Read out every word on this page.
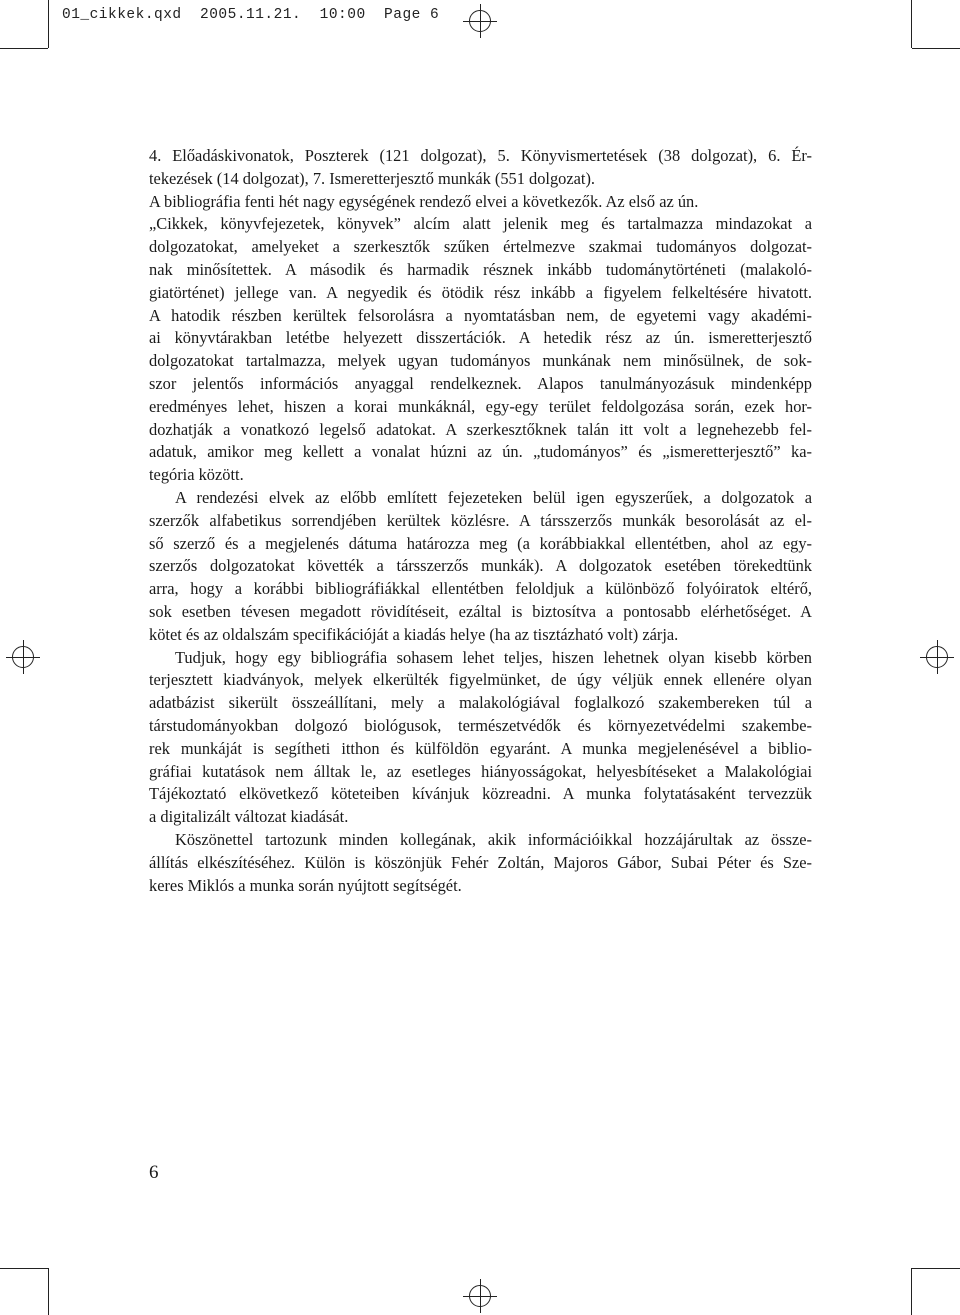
01_cikkek.qxd  2005.11.21.  10:00  Page 6
4. Előadáskivonatok, Poszterek (121 dolgozat), 5. Könyvismertetések (38 dolgozat), 6. Ér-
tekezések (14 dolgozat), 7. Ismeretterjesztő munkák (551 dolgozat).
A bibliográfia fenti hét nagy egységének rendező elvei a következők. Az első az ún.
„Cikkek, könyvfejezetek, könyvek” alcím alatt jelenik meg és tartalmazza mindazokat a
dolgozatokat, amelyeket a szerkesztők szűken értelmezve szakmai tudományos dolgozat-
nak minősítettek. A második és harmadik résznek inkább tudománytörténeti (malakoló-
giatörténet) jellege van. A negyedik és ötödik rész inkább a figyelem felkeltésére hivatott.
A hatodik részben kerültek felsorolásra a nyomtatásban nem, de egyetemi vagy akadémi-
ai könyvtárakban letétbe helyezett disszertációk. A hetedik rész az ún. ismeretterjesztő
dolgozatokat tartalmazza, melyek ugyan tudományos munkának nem minősülnek, de sok-
szor jelentős információs anyaggal rendelkeznek. Alapos tanulmányozásuk mindenképp
eredményes lehet, hiszen a korai munkáknál, egy-egy terület feldolgozása során, ezek hor-
dozhatják a vonatkozó legelső adatokat. A szerkesztőknek talán itt volt a legnehezebb fel-
adatuk, amikor meg kellett a vonalat húzni az ún. „tudományos” és „ismeretterjesztő” ka-
tegória között.
A rendezési elvek az előbb említett fejezeteken belül igen egyszerűek, a dolgozatok a
szerzők alfabetikus sorrendjében kerültek közlésre. A társszerzős munkák besorolását az el-
ső szerző és a megjelenés dátuma határozza meg (a korábbiakkal ellentétben, ahol az egy-
szerzős dolgozatokat követték a társszerzős munkák). A dolgozatok esetében törekedtünk
arra, hogy a korábbi bibliográfiákkal ellentétben feloldjuk a különböző folyóiratok eltérő,
sok esetben tévesen megadott rövidítéseit, ezáltal is biztosítva a pontosabb elérhetőséget. A
kötet és az oldalszám specifikációját a kiadás helye (ha az tisztázható volt) zárja.
Tudjuk, hogy egy bibliográfia sohasem lehet teljes, hiszen lehetnek olyan kisebb körben
terjesztett kiadványok, melyek elkerülték figyelmünket, de úgy véljük ennek ellenére olyan
adatbázist sikerült összeállítani, mely a malakológiával foglalkozó szakembereken túl a
társtudományokban dolgozó biológusok, természetvédők és környezetvédelmi szakembe-
rek munkáját is segítheti itthon és külföldön egyaránt. A munka megjelenésével a biblio-
gráfiai kutatások nem álltak le, az esetleges hiányosságokat, helyesbítéseket a Malakológiai
Tájékoztató elkövetkező köteteiben kívánjuk közreadni. A munka folytatásaként tervezzük
a digitalizált változat kiadását.
Köszönettel tartozunk minden kollegának, akik információikkal hozzájárultak az össze-
állítás elkészítéséhez. Külön is köszönjük Fehér Zoltán, Majoros Gábor, Subai Péter és Sze-
keres Miklós a munka során nyújtott segítségét.
6
